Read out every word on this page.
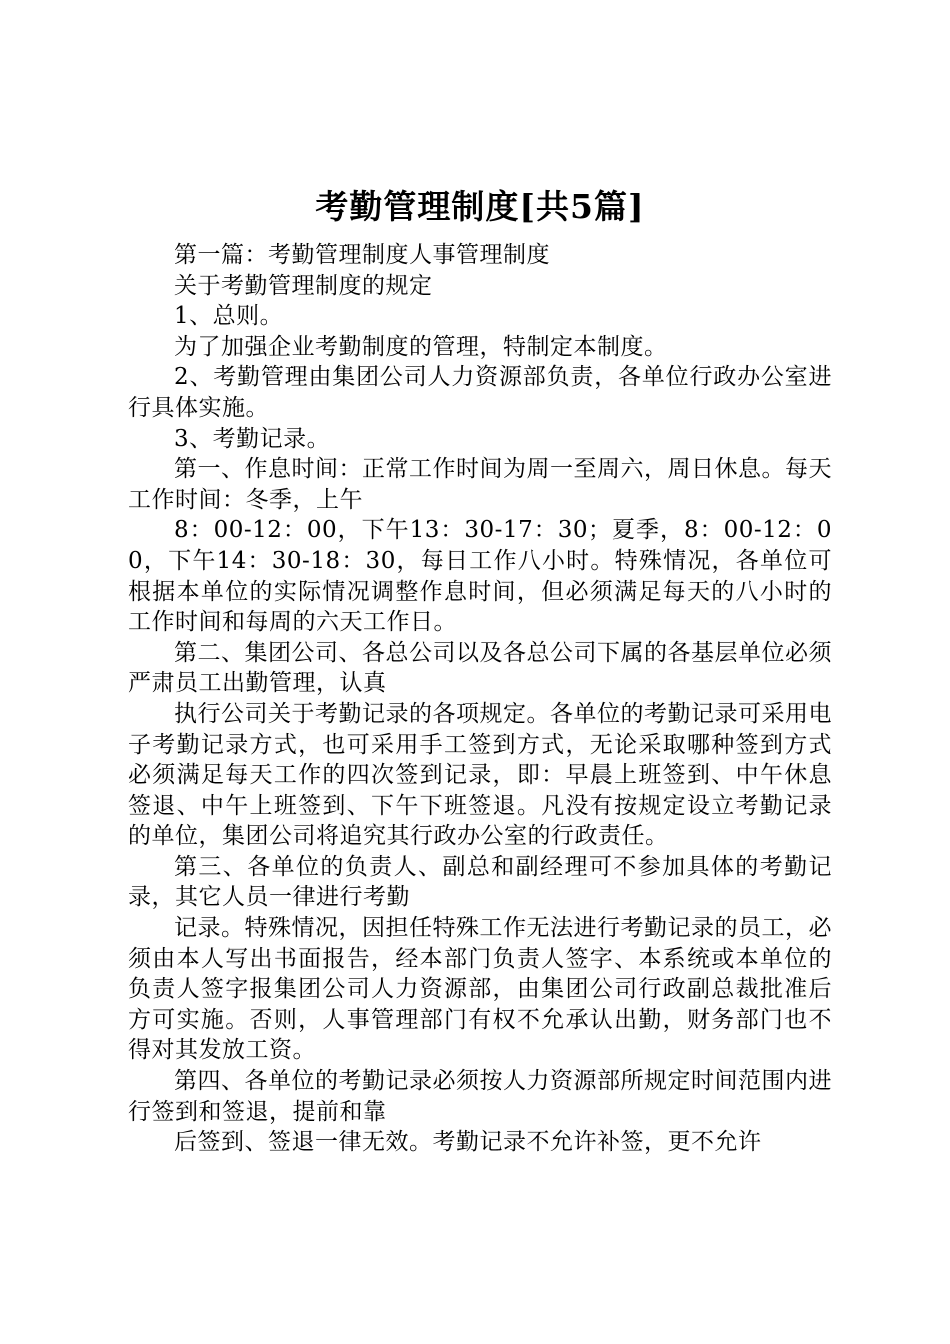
考勤管理制度[共5篇]

第一篇：考勤管理制度人事管理制度

关于考勤管理制度的规定

1、总则。

为了加强企业考勤制度的管理，特制定本制度。

2、考勤管理由集团公司人力资源部负责，各单位行政办公室进行具体实施。

3、考勤记录。

第一、作息时间：正常工作时间为周一至周六，周日休息。每天工作时间：冬季，上午

8：00-12：00，下午13：30-17：30；夏季，8：00-12：00，下午14：30-18：30，每日工作八小时。特殊情况，各单位可根据本单位的实际情况调整作息时间，但必须满足每天的八小时的工作时间和每周的六天工作日。

第二、集团公司、各总公司以及各总公司下属的各基层单位必须严肃员工出勤管理，认真

执行公司关于考勤记录的各项规定。各单位的考勤记录可采用电子考勤记录方式，也可采用手工签到方式，无论采取哪种签到方式必须满足每天工作的四次签到记录，即：早晨上班签到、中午休息签退、中午上班签到、下午下班签退。凡没有按规定设立考勤记录的单位，集团公司将追究其行政办公室的行政责任。

第三、各单位的负责人、副总和副经理可不参加具体的考勤记录，其它人员一律进行考勤

记录。特殊情况，因担任特殊工作无法进行考勤记录的员工，必须由本人写出书面报告，经本部门负责人签字、本系统或本单位的负责人签字报集团公司人力资源部，由集团公司行政副总裁批准后方可实施。否则，人事管理部门有权不允承认出勤，财务部门也不得对其发放工资。

第四、各单位的考勤记录必须按人力资源部所规定时间范围内进行签到和签退，提前和靠

后签到、签退一律无效。考勤记录不允许补签，更不允许
